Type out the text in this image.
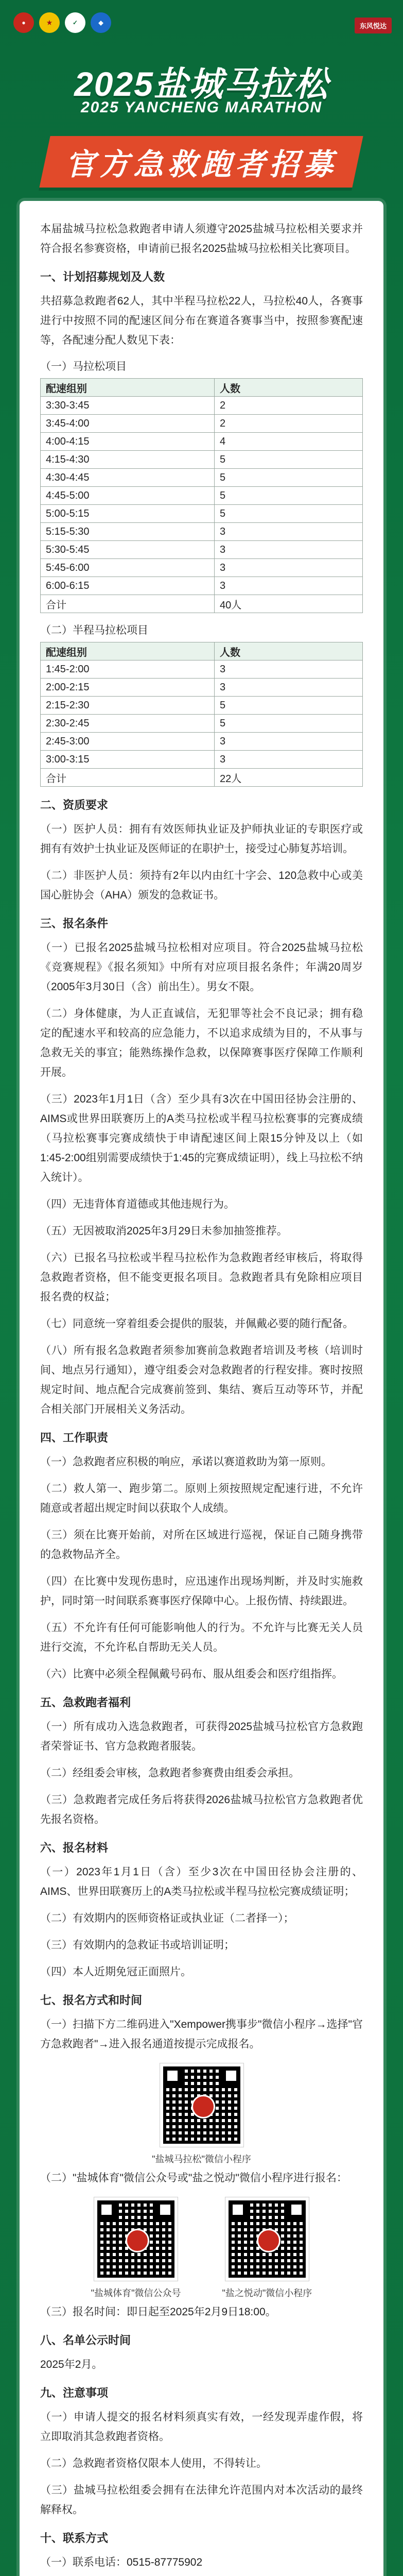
●	★	✓	◆	东风悦达
2025盐城马拉松
2025 YANCHENG MARATHON
官方急救跑者招募

本届盐城马拉松急救跑者申请人须遵守2025盐城马拉松相关要求并符合报名参赛资格，申请前已报名2025盐城马拉松相关比赛项目。

一、计划招募规划及人数

共招募急救跑者62人，其中半程马拉松22人，马拉松40人，各赛事进行中按照不同的配速区间分布在赛道各赛事当中，按照参赛配速等，各配速分配人数见下表：

（一）马拉松项目
配速组别	人数
3:30-3:45	2
3:45-4:00	2
4:00-4:15	4
4:15-4:30	5
4:30-4:45	5
4:45-5:00	5
5:00-5:15	5
5:15-5:30	3
5:30-5:45	3
5:45-6:00	3
6:00-6:15	3
合计	40人
（二）半程马拉松项目
配速组别	人数
1:45-2:00	3
2:00-2:15	3
2:15-2:30	5
2:30-2:45	5
2:45-3:00	3
3:00-3:15	3
合计	22人
二、资质要求

（一）医护人员：拥有有效医师执业证及护师执业证的专职医疗或拥有有效护士执业证及医师证的在职护士，接受过心肺复苏培训。

（二）非医护人员：须持有2年以内由红十字会、120急救中心或美国心脏协会（AHA）颁发的急救证书。

三、报名条件

（一）已报名2025盐城马拉松相对应项目。符合2025盐城马拉松《竞赛规程》《报名须知》中所有对应项目报名条件；年满20周岁（2005年3月30日（含）前出生）。男女不限。

（二）身体健康，为人正直诚信，无犯罪等社会不良记录；拥有稳定的配速水平和较高的应急能力，不以追求成绩为目的，不从事与急救无关的事宜；能熟练操作急救，以保障赛事医疗保障工作顺利开展。

（三）2023年1月1日（含）至少具有3次在中国田径协会注册的、AIMS或世界田联赛历上的A类马拉松或半程马拉松赛事的完赛成绩（马拉松赛事完赛成绩快于申请配速区间上限15分钟及以上（如1:45-2:00组别需要成绩快于1:45的完赛成绩证明），线上马拉松不纳入统计）。

（四）无违背体育道德或其他违规行为。

（五）无因被取消2025年3月29日未参加抽签推荐。

（六）已报名马拉松或半程马拉松作为急救跑者经审核后，将取得急救跑者资格，但不能变更报名项目。急救跑者具有免除相应项目报名费的权益；

（七）同意统一穿着组委会提供的服装，并佩戴必要的随行配备。

（八）所有报名急救跑者须参加赛前急救跑者培训及考核（培训时间、地点另行通知），遵守组委会对急救跑者的行程安排。赛时按照规定时间、地点配合完成赛前签到、集结、赛后互动等环节，并配合相关部门开展相关义务活动。

四、工作职责

（一）急救跑者应积极的响应，承诺以赛道救助为第一原则。

（二）救人第一、跑步第二。原则上须按照规定配速行进，不允许随意或者超出规定时间以获取个人成绩。

（三）须在比赛开始前，对所在区域进行巡视，保证自己随身携带的急救物品齐全。

（四）在比赛中发现伤患时，应迅速作出现场判断，并及时实施救护，同时第一时间联系赛事医疗保障中心。上报伤情、持续跟进。

（五）不允许有任何可能影响他人的行为。不允许与比赛无关人员进行交流，不允许私自帮助无关人员。

（六）比赛中必须全程佩戴号码布、服从组委会和医疗组指挥。

五、急救跑者福利

（一）所有成功入选急救跑者，可获得2025盐城马拉松官方急救跑者荣誉证书、官方急救跑者服装。

（二）经组委会审核，急救跑者参赛费由组委会承担。

（三）急救跑者完成任务后将获得2026盐城马拉松官方急救跑者优先报名资格。

六、报名材料

（一）2023年1月1日（含）至少3次在中国田径协会注册的、AIMS、世界田联赛历上的A类马拉松或半程马拉松完赛成绩证明；

（二）有效期内的医师资格证或执业证（二者择一）；

（三）有效期内的急救证书或培训证明；

（四）本人近期免冠正面照片。

七、报名方式和时间

（一）扫描下方二维码进入"Xempower携事步"微信小程序→选择"官方急救跑者"→进入报名通道按提示完成报名。

"盐城马拉松"微信小程序

（二）"盐城体育"微信公众号或"盐之悦动"微信小程序进行报名：

"盐城体育"微信公众号	"盐之悦动"微信小程序

（三）报名时间：即日起至2025年2月9日18:00。

八、名单公示时间

2025年2月。

九、注意事项

（一）申请人提交的报名材料须真实有效，一经发现弄虚作假，将立即取消其急救跑者资格。

（二）急救跑者资格仅限本人使用，不得转让。

（三）盐城马拉松组委会拥有在法律允许范围内对本次活动的最终解释权。

十、联系方式

（一）联系电话：0515-87775902
